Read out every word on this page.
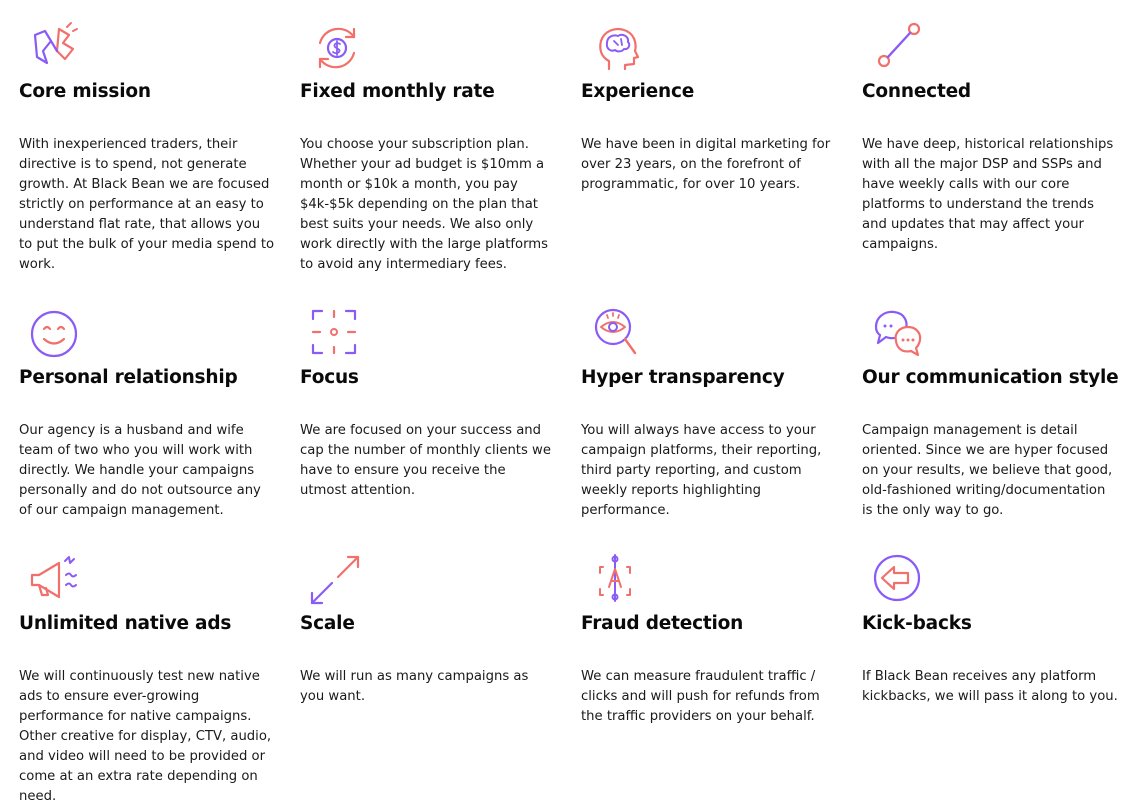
Core mission

With inexperienced traders, their directive is to spend, not generate growth. At Black Bean we are focused strictly on performance at an easy to understand flat rate, that allows you to put the bulk of your media spend to work.

Fixed monthly rate

You choose your subscription plan. Whether your ad budget is $10mm a month or $10k a month, you pay $4k-$5k depending on the plan that best suits your needs. We also only work directly with the large platforms to avoid any intermediary fees.

Experience

We have been in digital marketing for over 23 years, on the forefront of programmatic, for over 10 years.

Connected

We have deep, historical relationships with all the major DSP and SSPs and have weekly calls with our core platforms to understand the trends and updates that may affect your campaigns.

Personal relationship

Our agency is a husband and wife team of two who you will work with directly. We handle your campaigns personally and do not outsource any of our campaign management.

Focus

We are focused on your success and cap the number of monthly clients we have to ensure you receive the utmost attention.

Hyper transparency

You will always have access to your campaign platforms, their reporting, third party reporting, and custom weekly reports highlighting performance.

Our communication style

Campaign management is detail oriented. Since we are hyper focused on your results, we believe that good, old-fashioned writing/documentation is the only way to go.

Unlimited native ads

We will continuously test new native ads to ensure ever-growing performance for native campaigns. Other creative for display, CTV, audio, and video will need to be provided or come at an extra rate depending on need.

Scale

We will run as many campaigns as you want.

Fraud detection

We can measure fraudulent traffic / clicks and will push for refunds from the traffic providers on your behalf.

Kick-backs

If Black Bean receives any platform kickbacks, we will pass it along to you.
